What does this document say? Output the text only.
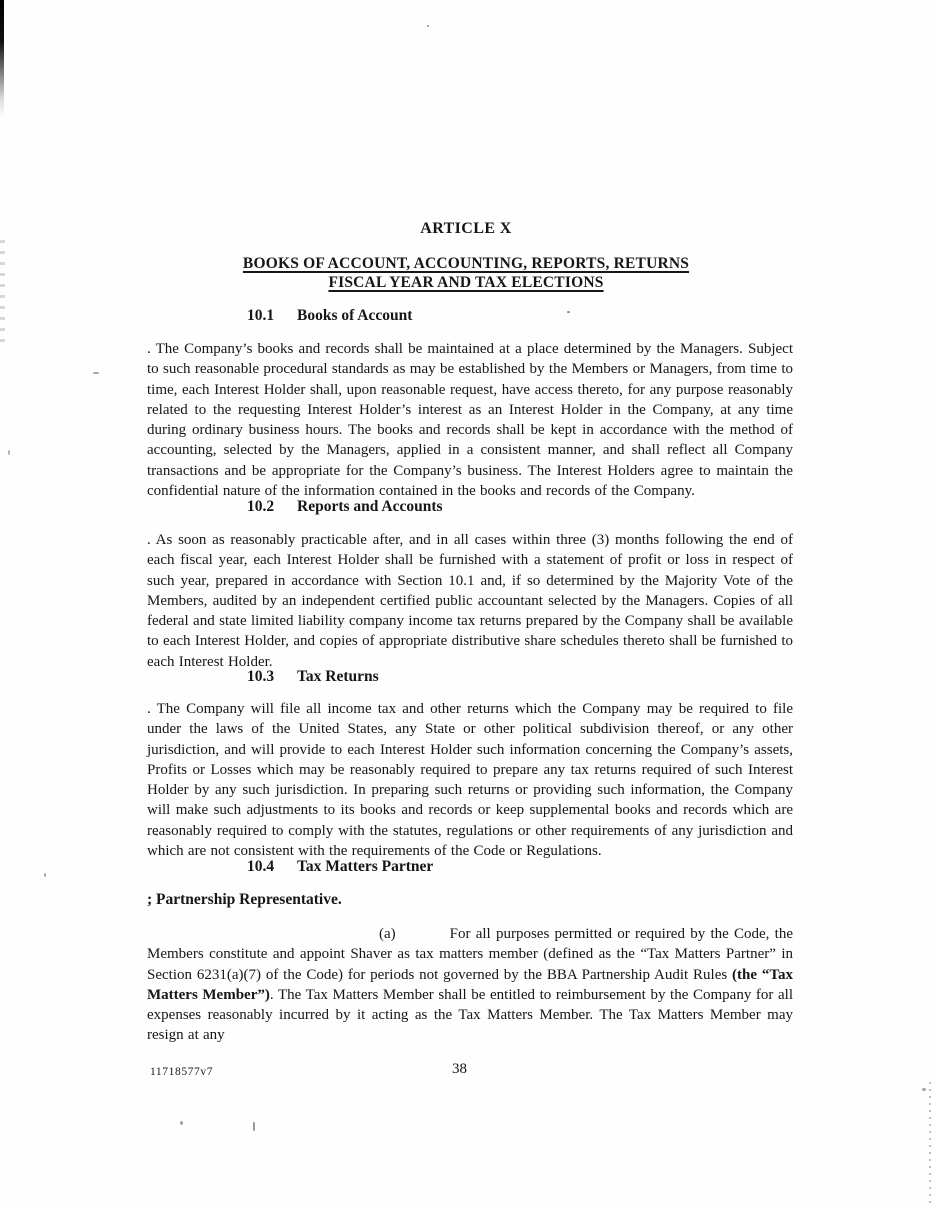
ARTICLE X
BOOKS OF ACCOUNT, ACCOUNTING, REPORTS, RETURNS
FISCAL YEAR AND TAX ELECTIONS
10.1 Books of Account

. The Company’s books and records shall be maintained at a place determined by the Managers. Subject to such reasonable procedural standards as may be established by the Members or Managers, from time to time, each Interest Holder shall, upon reasonable request, have access thereto, for any purpose reasonably related to the requesting Interest Holder’s interest as an Interest Holder in the Company, at any time during ordinary business hours. The books and records shall be kept in accordance with the method of accounting, selected by the Managers, applied in a consistent manner, and shall reflect all Company transactions and be appropriate for the Company’s business. The Interest Holders agree to maintain the confidential nature of the information contained in the books and records of the Company.

10.2 Reports and Accounts

. As soon as reasonably practicable after, and in all cases within three (3) months following the end of each fiscal year, each Interest Holder shall be furnished with a statement of profit or loss in respect of such year, prepared in accordance with Section 10.1 and, if so determined by the Majority Vote of the Members, audited by an independent certified public accountant selected by the Managers. Copies of all federal and state limited liability company income tax returns prepared by the Company shall be available to each Interest Holder, and copies of appropriate distributive share schedules thereto shall be furnished to each Interest Holder.

10.3 Tax Returns

. The Company will file all income tax and other returns which the Company may be required to file under the laws of the United States, any State or other political subdivision thereof, or any other jurisdiction, and will provide to each Interest Holder such information concerning the Company’s assets, Profits or Losses which may be reasonably required to prepare any tax returns required of such Interest Holder by any such jurisdiction. In preparing such returns or providing such information, the Company will make such adjustments to its books and records or keep supplemental books and records which are reasonably required to comply with the statutes, regulations or other requirements of any jurisdiction and which are not consistent with the requirements of the Code or Regulations.

10.4 Tax Matters Partner
; Partnership Representative.

(a)	For all purposes permitted or required by the Code, the Members constitute and appoint Shaver as tax matters member (defined as the “Tax Matters Partner” in Section 6231(a)(7) of the Code) for periods not governed by the BBA Partnership Audit Rules (the “Tax Matters Member”). The Tax Matters Member shall be entitled to reimbursement by the Company for all expenses reasonably incurred by it acting as the Tax Matters Member. The Tax Matters Member may resign at any

11718577v7	38
